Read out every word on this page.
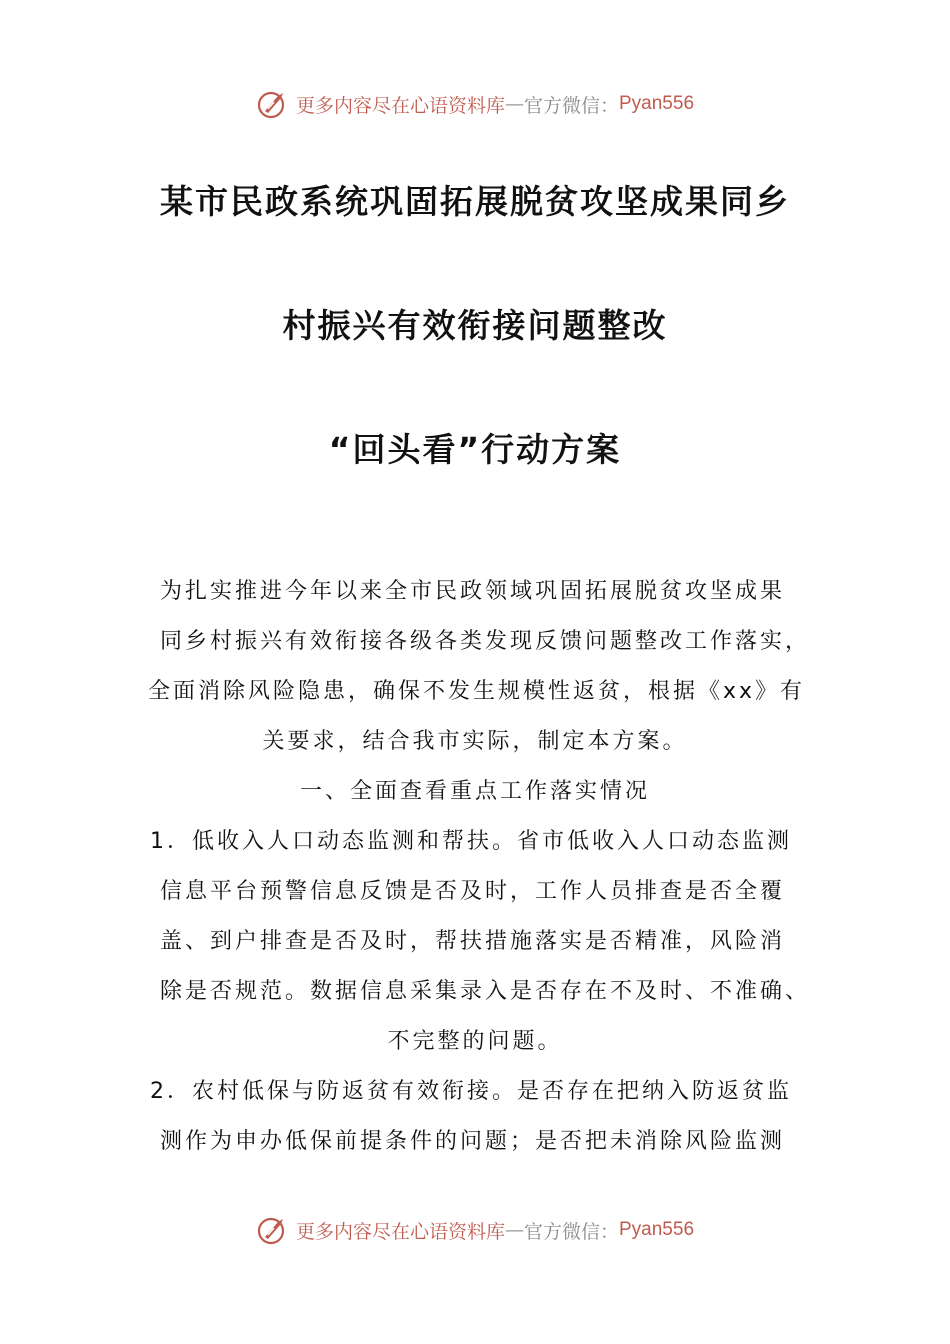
更多内容尽在心语资料库 — 官方微信： Pyan556
某市民政系统巩固拓展脱贫攻坚成果同乡
村振兴有效衔接问题整改
“回头看”行动方案
为扎实推进今年以来全市民政领域巩固拓展脱贫攻坚成果
同乡村振兴有效衔接各级各类发现反馈问题整改工作落实，
全面消除风险隐患，确保不发生规模性返贫，根据《xx》有
关要求，结合我市实际，制定本方案。
一、全面查看重点工作落实情况
1．低收入人口动态监测和帮扶。省市低收入人口动态监测
信息平台预警信息反馈是否及时，工作人员排查是否全覆
盖、到户排查是否及时，帮扶措施落实是否精准，风险消
除是否规范。数据信息采集录入是否存在不及时、不准确、
不完整的问题。
2．农村低保与防返贫有效衔接。是否存在把纳入防返贫监
测作为申办低保前提条件的问题；是否把未消除风险监测
更多内容尽在心语资料库 — 官方微信： Pyan556
